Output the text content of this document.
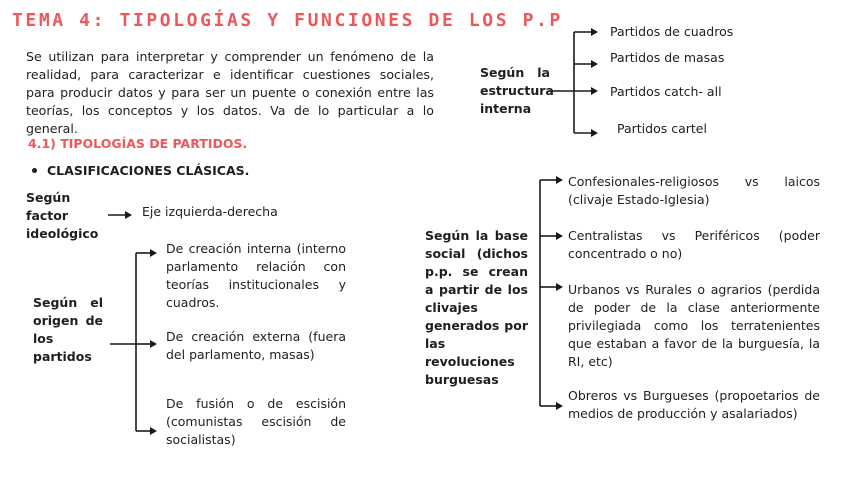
TEMA 4: TIPOLOGÍAS Y FUNCIONES DE LOS P.P
Se utilizan para interpretar y comprender un fenómeno de la realidad, para caracterizar e identificar cuestiones sociales, para producir datos y para ser un puente o conexión entre las teorías, los conceptos y los datos. Va de lo particular a lo general.
4.1) TIPOLOGÍAS DE PARTIDOS.
CLASIFICACIONES CLÁSICAS.
Según factor ideológico
Eje izquierda-derecha
Según el origen de los partidos
De creación interna (interno parlamento relación con teorías institucionales y cuadros.
De creación externa (fuera del parlamento, masas)
De fusión o de escisión (comunistas escisión de socialistas)
Según la estructura interna
Partidos de cuadros
Partidos de masas
Partidos catch- all
Partidos cartel
Según la base social (dichos p.p. se crean a partir de los clivajes generados por las revoluciones burguesas
Confesionales-religiosos vs laicos (clivaje Estado-Iglesia)
Centralistas vs Periféricos (poder concentrado o no)
Urbanos vs Rurales o agrarios (perdida de poder de la clase anteriormente privilegiada como los terratenientes que estaban a favor de la burguesía, la RI, etc)
Obreros vs Burgueses (propoetarios de medios de producción y asalariados)
